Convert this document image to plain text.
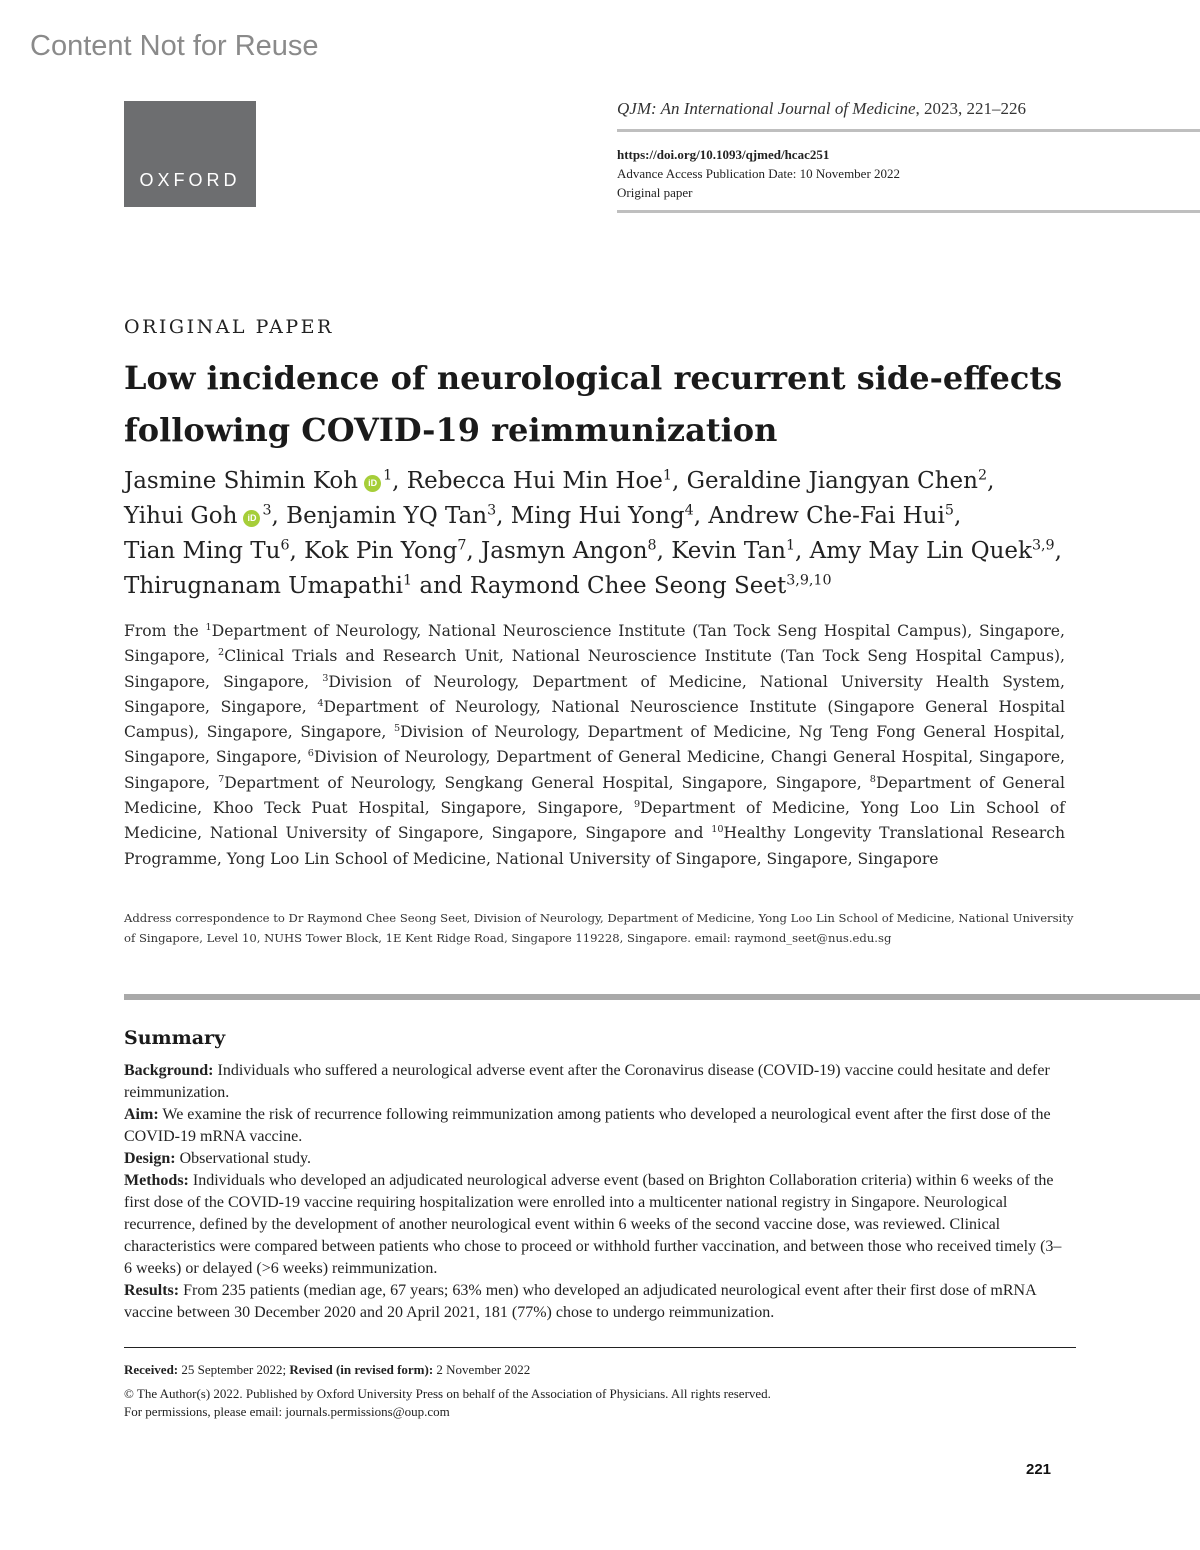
Content Not for Reuse
OXFORD
QJM: An International Journal of Medicine, 2023, 221–226
https://doi.org/10.1093/qjmed/hcac251
Advance Access Publication Date: 10 November 2022
Original paper
ORIGINAL PAPER
Low incidence of neurological recurrent side-effects
following COVID-19 reimmunization
Jasmine Shimin Koh iD $^1$, Rebecca Hui Min Hoe$^1$, Geraldine Jiangyan Chen$^2$, Yihui Goh iD $^3$, Benjamin YQ Tan$^3$, Ming Hui Yong$^4$, Andrew Che-Fai Hui$^5$, Tian Ming Tu$^6$, Kok Pin Yong$^7$, Jasmyn Angon$^8$, Kevin Tan$^1$, Amy May Lin Quek$^{3,9}$, Thirugnanam Umapathi$^1$ and Raymond Chee Seong Seet$^{3,9,10}$
From the $^1$Department of Neurology, National Neuroscience Institute (Tan Tock Seng Hospital Campus), Singapore, Singapore, $^2$Clinical Trials and Research Unit, National Neuroscience Institute (Tan Tock Seng Hospital Campus), Singapore, Singapore, $^3$Division of Neurology, Department of Medicine, National University Health System, Singapore, Singapore, $^4$Department of Neurology, National Neuroscience Institute (Singapore General Hospital Campus), Singapore, Singapore, $^5$Division of Neurology, Department of Medicine, Ng Teng Fong General Hospital, Singapore, Singapore, $^6$Division of Neurology, Department of General Medicine, Changi General Hospital, Singapore, Singapore, $^7$Department of Neurology, Sengkang General Hospital, Singapore, Singapore, $^8$Department of General Medicine, Khoo Teck Puat Hospital, Singapore, Singapore, $^9$Department of Medicine, Yong Loo Lin School of Medicine, National University of Singapore, Singapore, Singapore and $^{10}$Healthy Longevity Translational Research Programme, Yong Loo Lin School of Medicine, National University of Singapore, Singapore, Singapore
Address correspondence to Dr Raymond Chee Seong Seet, Division of Neurology, Department of Medicine, Yong Loo Lin School of Medicine, National University of Singapore, Level 10, NUHS Tower Block, 1E Kent Ridge Road, Singapore 119228, Singapore. email: raymond_seet@nus.edu.sg
Summary

Background: Individuals who suffered a neurological adverse event after the Coronavirus disease (COVID-19) vaccine could hesitate and defer reimmunization.

Aim: We examine the risk of recurrence following reimmunization among patients who developed a neurological event after the first dose of the COVID-19 mRNA vaccine.

Design: Observational study.

Methods: Individuals who developed an adjudicated neurological adverse event (based on Brighton Collaboration criteria) within 6 weeks of the first dose of the COVID-19 vaccine requiring hospitalization were enrolled into a multicenter national registry in Singapore. Neurological recurrence, defined by the development of another neurological event within 6 weeks of the second vaccine dose, was reviewed. Clinical characteristics were compared between patients who chose to proceed or withhold further vaccination, and between those who received timely (3–6 weeks) or delayed (>6 weeks) reimmunization.

Results: From 235 patients (median age, 67 years; 63% men) who developed an adjudicated neurological event after their first dose of mRNA vaccine between 30 December 2020 and 20 April 2021, 181 (77%) chose to undergo reimmunization.

Received: 25 September 2022; Revised (in revised form): 2 November 2022
© The Author(s) 2022. Published by Oxford University Press on behalf of the Association of Physicians. All rights reserved.
For permissions, please email: journals.permissions@oup.com
221
